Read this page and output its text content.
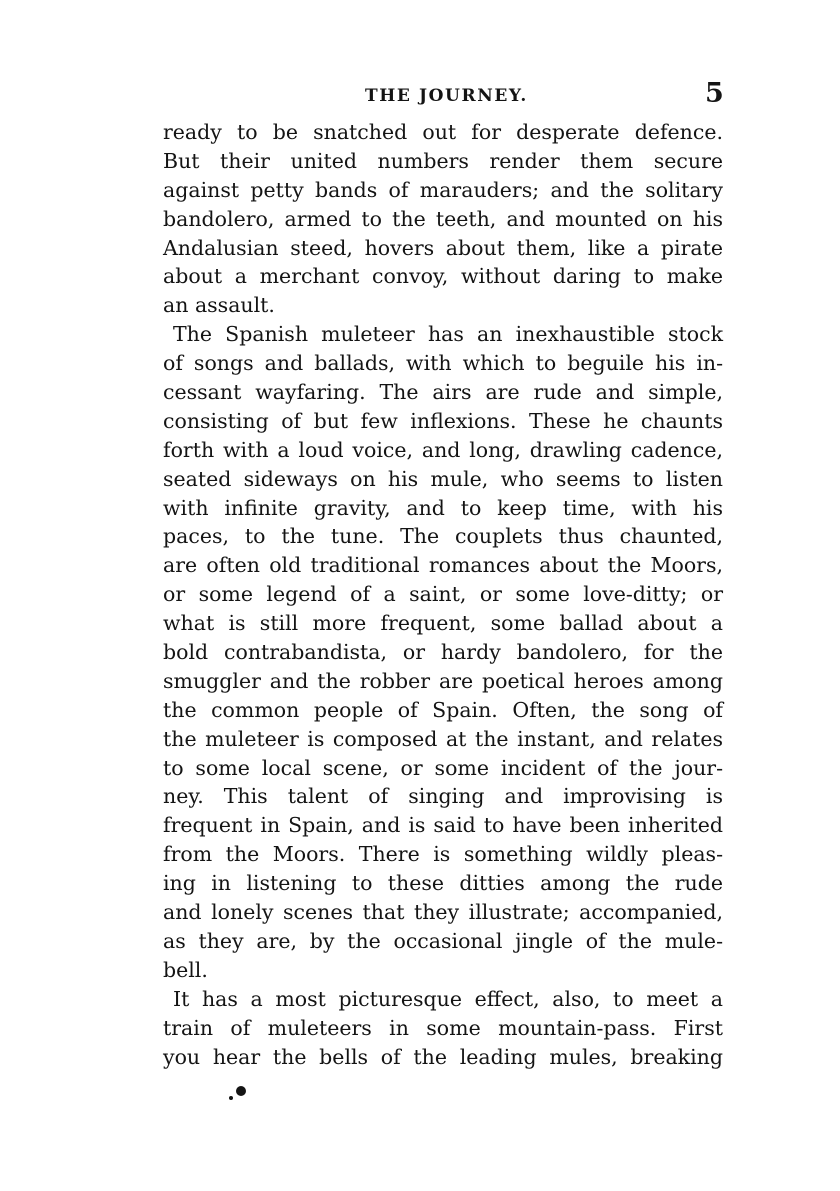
THE JOURNEY.	5
ready to be snatched out for desperate defence.
But their united numbers render them secure
against petty bands of marauders; and the solitary
bandolero, armed to the teeth, and mounted on his
Andalusian steed, hovers about them, like a pirate
about a merchant convoy, without daring to make
an assault.
The Spanish muleteer has an inexhaustible stock
of songs and ballads, with which to beguile his in-
cessant wayfaring. The airs are rude and simple,
consisting of but few inflexions. These he chaunts
forth with a loud voice, and long, drawling cadence,
seated sideways on his mule, who seems to listen
with infinite gravity, and to keep time, with his
paces, to the tune. The couplets thus chaunted,
are often old traditional romances about the Moors,
or some legend of a saint, or some love-ditty; or
what is still more frequent, some ballad about a
bold contrabandista, or hardy bandolero, for the
smuggler and the robber are poetical heroes among
the common people of Spain. Often, the song of
the muleteer is composed at the instant, and relates
to some local scene, or some incident of the jour-
ney. This talent of singing and improvising is
frequent in Spain, and is said to have been inherited
from the Moors. There is something wildly pleas-
ing in listening to these ditties among the rude
and lonely scenes that they illustrate; accompanied,
as they are, by the occasional jingle of the mule-
bell.
It has a most picturesque effect, also, to meet a
train of muleteers in some mountain-pass. First
you hear the bells of the leading mules, breaking
